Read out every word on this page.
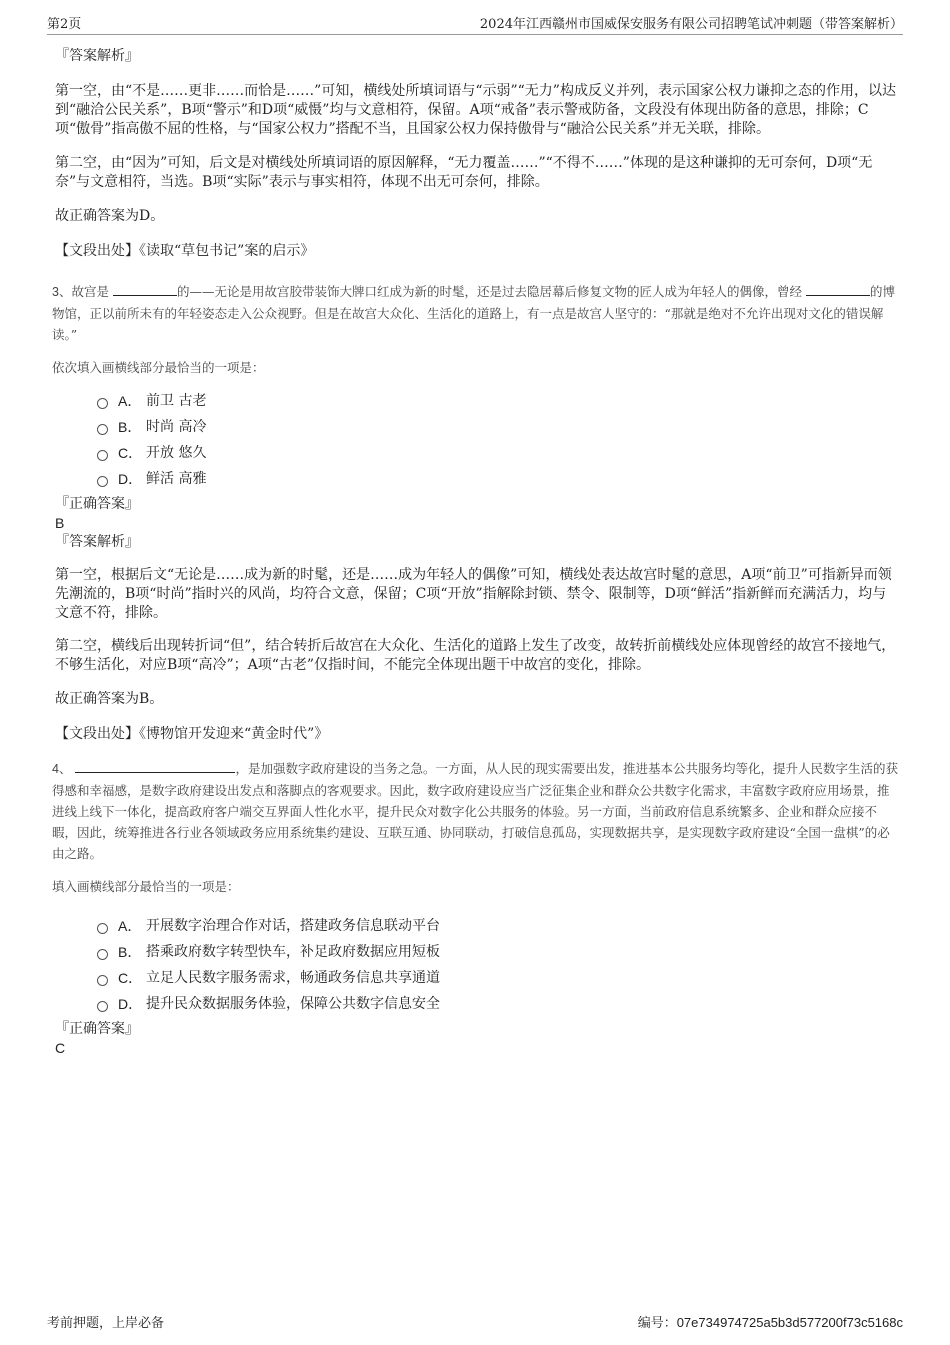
第2页	2024年江西赣州市国威保安服务有限公司招聘笔试冲刺题（带答案解析）

『答案解析』

第一空，由“不是……更非……而恰是……”可知，横线处所填词语与“示弱”“无力”构成反义并列，表示国家公权力谦抑之态的作用，以达到“融洽公民关系”，B项“警示”和D项“威慑”均与文意相符，保留。A项“戒备”表示警戒防备，文段没有体现出防备的意思，排除；C项“傲骨”指高傲不屈的性格，与“国家公权力”搭配不当，且国家公权力保持傲骨与“融洽公民关系”并无关联，排除。

第二空，由“因为”可知，后文是对横线处所填词语的原因解释，“无力覆盖……”“不得不……”体现的是这种谦抑的无可奈何，D项“无奈”与文意相符，当选。B项“实际”表示与事实相符，体现不出无可奈何，排除。

故正确答案为D。

【文段出处】《读取“草包书记”案的启示》

3、故宫是	的——无论是用故宫胶带装饰大牌口红成为新的时髦，还是过去隐居幕后修复文物的匠人成为年轻人的偶像，曾经	的博物馆，正以前所未有的年轻姿态走入公众视野。但是在故宫大众化、生活化的道路上，有一点是故宫人坚守的：“那就是绝对不允许出现对文化的错误解读。”

依次填入画横线部分最恰当的一项是：

A． 前卫 古老
B． 时尚 高冷
C． 开放 悠久
D． 鲜活 高雅

『正确答案』

B

『答案解析』

第一空，根据后文“无论是……成为新的时髦，还是……成为年轻人的偶像”可知，横线处表达故宫时髦的意思，A项“前卫”可指新异而领先潮流的，B项“时尚”指时兴的风尚，均符合文意，保留；C项“开放”指解除封锁、禁令、限制等，D项“鲜活”指新鲜而充满活力，均与文意不符，排除。

第二空，横线后出现转折词“但”，结合转折后故宫在大众化、生活化的道路上发生了改变，故转折前横线处应体现曾经的故宫不接地气，不够生活化，对应B项“高冷”；A项“古老”仅指时间，不能完全体现出题干中故宫的变化，排除。

故正确答案为B。

【文段出处】《博物馆开发迎来“黄金时代”》

4、	，是加强数字政府建设的当务之急。一方面，从人民的现实需要出发，推进基本公共服务均等化，提升人民数字生活的获得感和幸福感，是数字政府建设出发点和落脚点的客观要求。因此，数字政府建设应当广泛征集企业和群众公共数字化需求，丰富数字政府应用场景，推进线上线下一体化，提高政府客户端交互界面人性化水平，提升民众对数字化公共服务的体验。另一方面，当前政府信息系统繁多、企业和群众应接不暇，因此，统筹推进各行业各领域政务应用系统集约建设、互联互通、协同联动，打破信息孤岛，实现数据共享，是实现数字政府建设“全国一盘棋”的必由之路。

填入画横线部分最恰当的一项是：

A． 开展数字治理合作对话，搭建政务信息联动平台
B． 搭乘政府数字转型快车，补足政府数据应用短板
C． 立足人民数字服务需求，畅通政务信息共享通道
D． 提升民众数据服务体验，保障公共数字信息安全

『正确答案』

C

考前押题，上岸必备	编号：07e734974725a5b3d577200f73c5168c
